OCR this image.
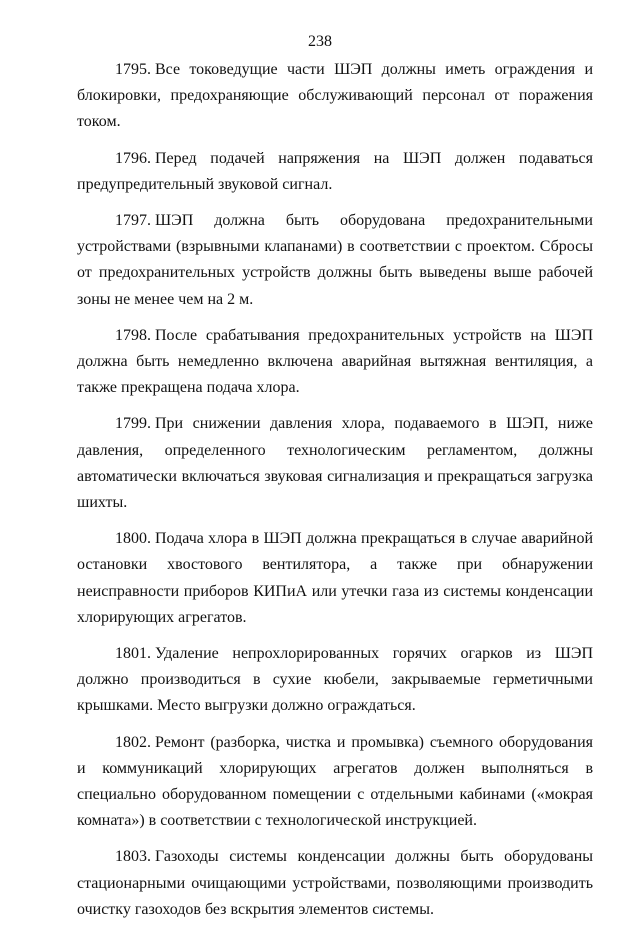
238

1795. Все токоведущие части ШЭП должны иметь ограждения и блокировки, предохраняющие обслуживающий персонал от поражения током.

1796. Перед подачей напряжения на ШЭП должен подаваться предупредительный звуковой сигнал.

1797. ШЭП должна быть оборудована предохранительными устройствами (взрывными клапанами) в соответствии с проектом. Сбросы от предохранительных устройств должны быть выведены выше рабочей зоны не менее чем на 2 м.

1798. После срабатывания предохранительных устройств на ШЭП должна быть немедленно включена аварийная вытяжная вентиляция, а также прекращена подача хлора.

1799. При снижении давления хлора, подаваемого в ШЭП, ниже давления, определенного технологическим регламентом, должны автоматически включаться звуковая сигнализация и прекращаться загрузка шихты.

1800. Подача хлора в ШЭП должна прекращаться в случае аварийной остановки хвостового вентилятора, а также при обнаружении неисправности приборов КИПиА или утечки газа из системы конденсации хлорирующих агрегатов.

1801. Удаление непрохлорированных горячих огарков из ШЭП должно производиться в сухие кюбели, закрываемые герметичными крышками. Место выгрузки должно ограждаться.

1802. Ремонт (разборка, чистка и промывка) съемного оборудования и коммуникаций хлорирующих агрегатов должен выполняться в специально оборудованном помещении с отдельными кабинами («мокрая комната») в соответствии с технологической инструкцией.

1803. Газоходы системы конденсации должны быть оборудованы стационарными очищающими устройствами, позволяющими производить очистку газоходов без вскрытия элементов системы.
